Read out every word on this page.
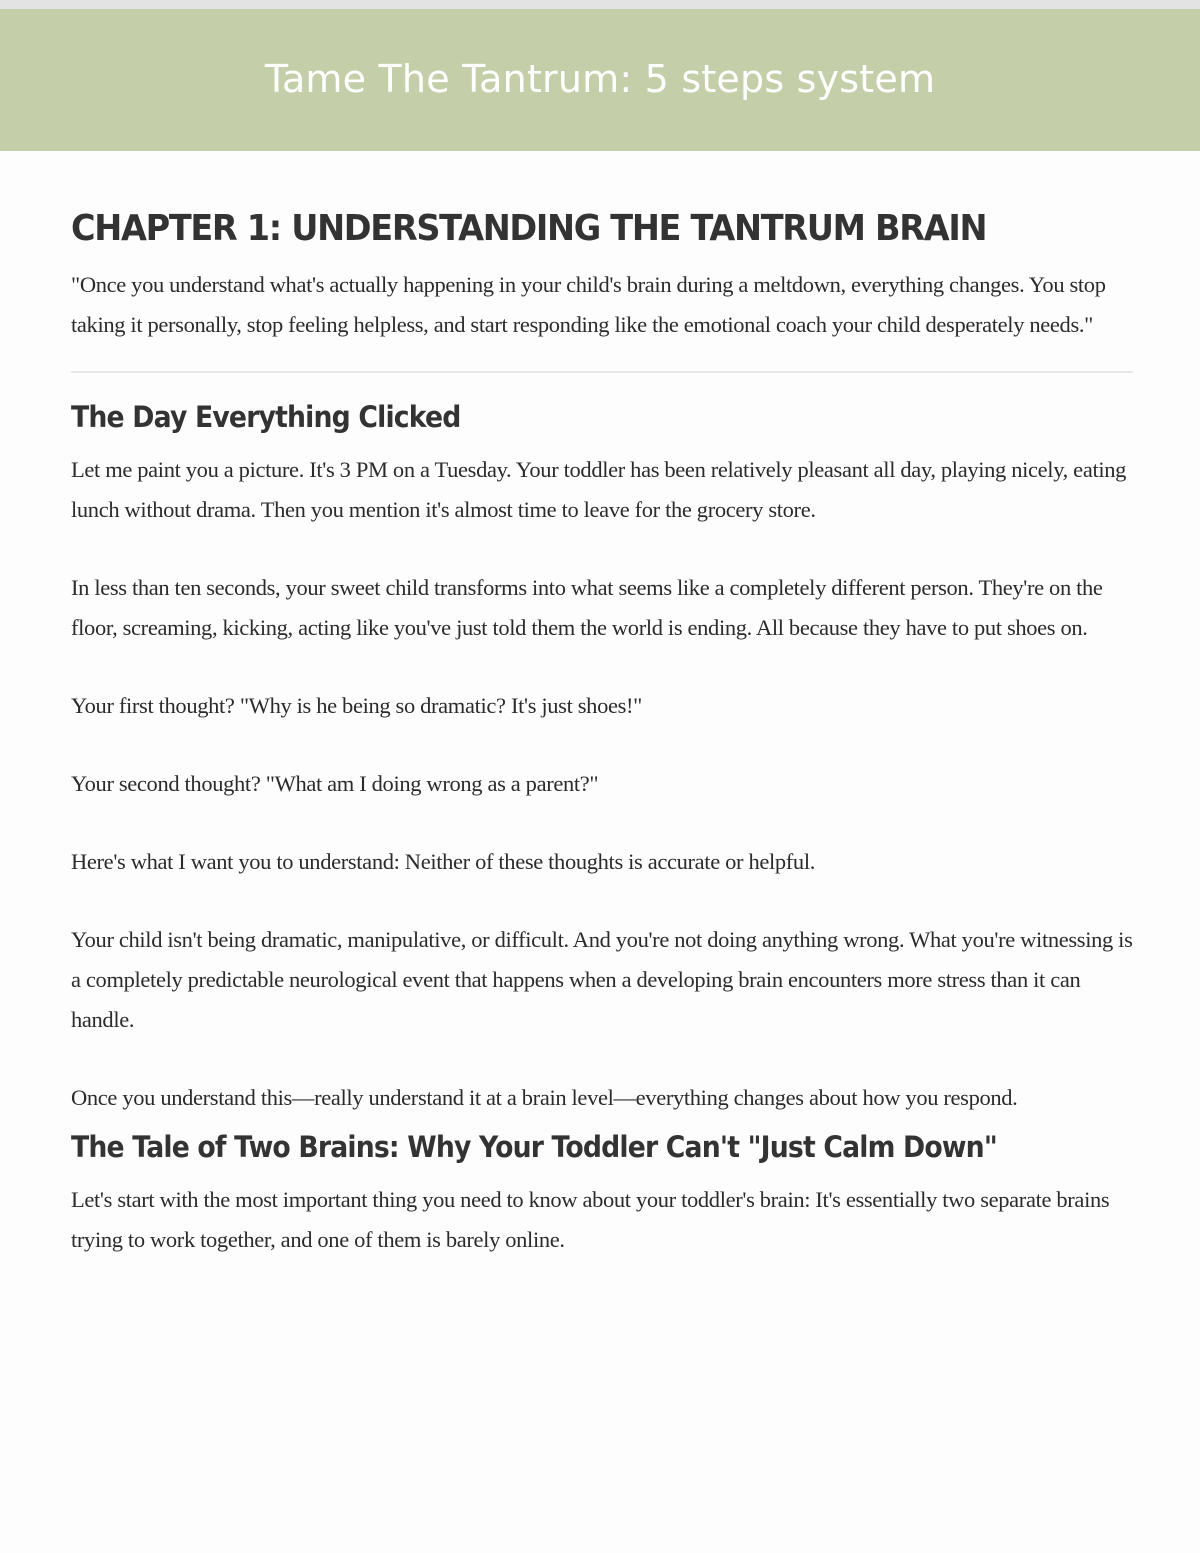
Tame The Tantrum: 5 steps system
CHAPTER 1: UNDERSTANDING THE TANTRUM BRAIN

"Once you understand what's actually happening in your child's brain during a meltdown, everything changes. You stop taking it personally, stop feeling helpless, and start responding like the emotional coach your child desperately needs."

The Day Everything Clicked

Let me paint you a picture. It's 3 PM on a Tuesday. Your toddler has been relatively pleasant all day, playing nicely, eating lunch without drama. Then you mention it's almost time to leave for the grocery store.

In less than ten seconds, your sweet child transforms into what seems like a completely different person. They're on the floor, screaming, kicking, acting like you've just told them the world is ending. All because they have to put shoes on.

Your first thought? "Why is he being so dramatic? It's just shoes!"

Your second thought? "What am I doing wrong as a parent?"

Here's what I want you to understand: Neither of these thoughts is accurate or helpful.

Your child isn't being dramatic, manipulative, or difficult. And you're not doing anything wrong. What you're witnessing is a completely predictable neurological event that happens when a developing brain encounters more stress than it can handle.

Once you understand this—really understand it at a brain level—everything changes about how you respond.

The Tale of Two Brains: Why Your Toddler Can't "Just Calm Down"

Let's start with the most important thing you need to know about your toddler's brain: It's essentially two separate brains trying to work together, and one of them is barely online.
